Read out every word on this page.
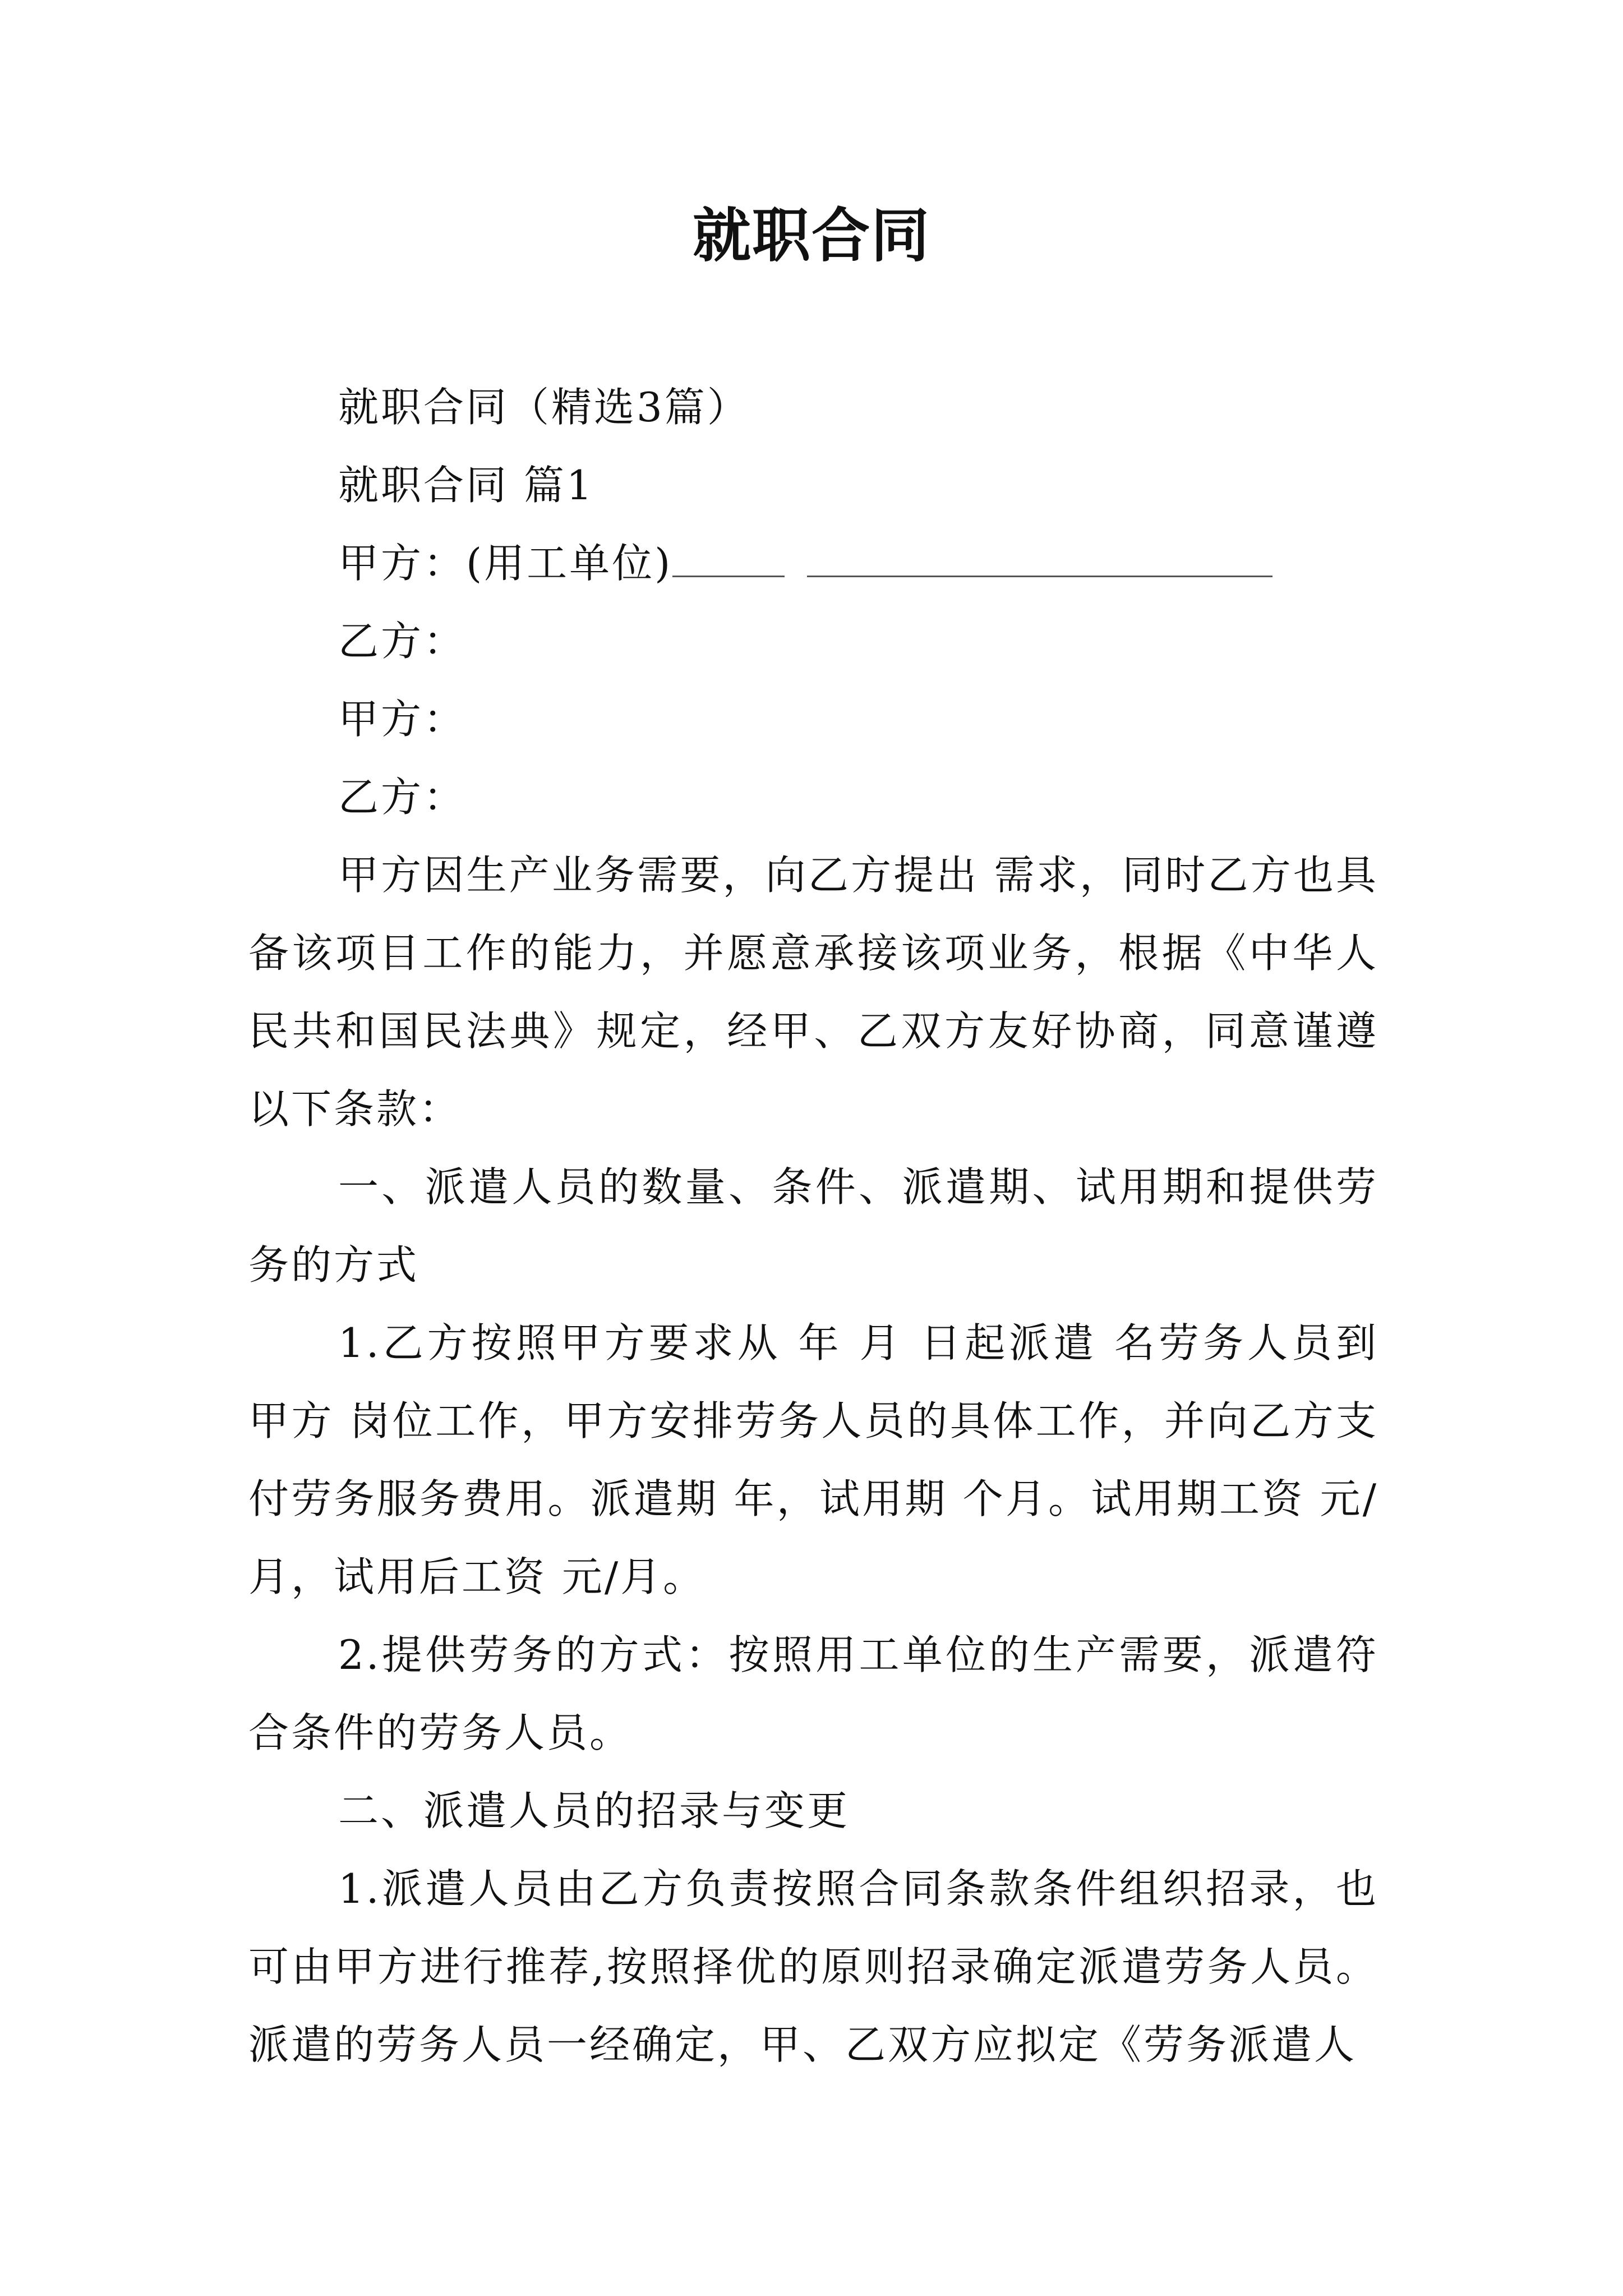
就职合同
就职合同（精选3篇）
就职合同 篇1
甲方：(用工单位)
乙方：
甲方：
乙方：
甲方因生产业务需要，向乙方提出 需求，同时乙方也具备该项目工作的能力，并愿意承接该项业务，根据《中华人民共和国民法典》规定，经甲、乙双方友好协商，同意谨遵以下条款：
一、派遣人员的数量、条件、派遣期、试用期和提供劳务的方式
1.乙方按照甲方要求从 年 月 日起派遣 名劳务人员到甲方 岗位工作，甲方安排劳务人员的具体工作，并向乙方支付劳务服务费用。派遣期 年，试用期 个月。试用期工资 元/月，试用后工资 元/月。
2.提供劳务的方式：按照用工单位的生产需要，派遣符合条件的劳务人员。
二、派遣人员的招录与变更
1.派遣人员由乙方负责按照合同条款条件组织招录，也可由甲方进行推荐,按照择优的原则招录确定派遣劳务人员。派遣的劳务人员一经确定，甲、乙双方应拟定《劳务派遣人
